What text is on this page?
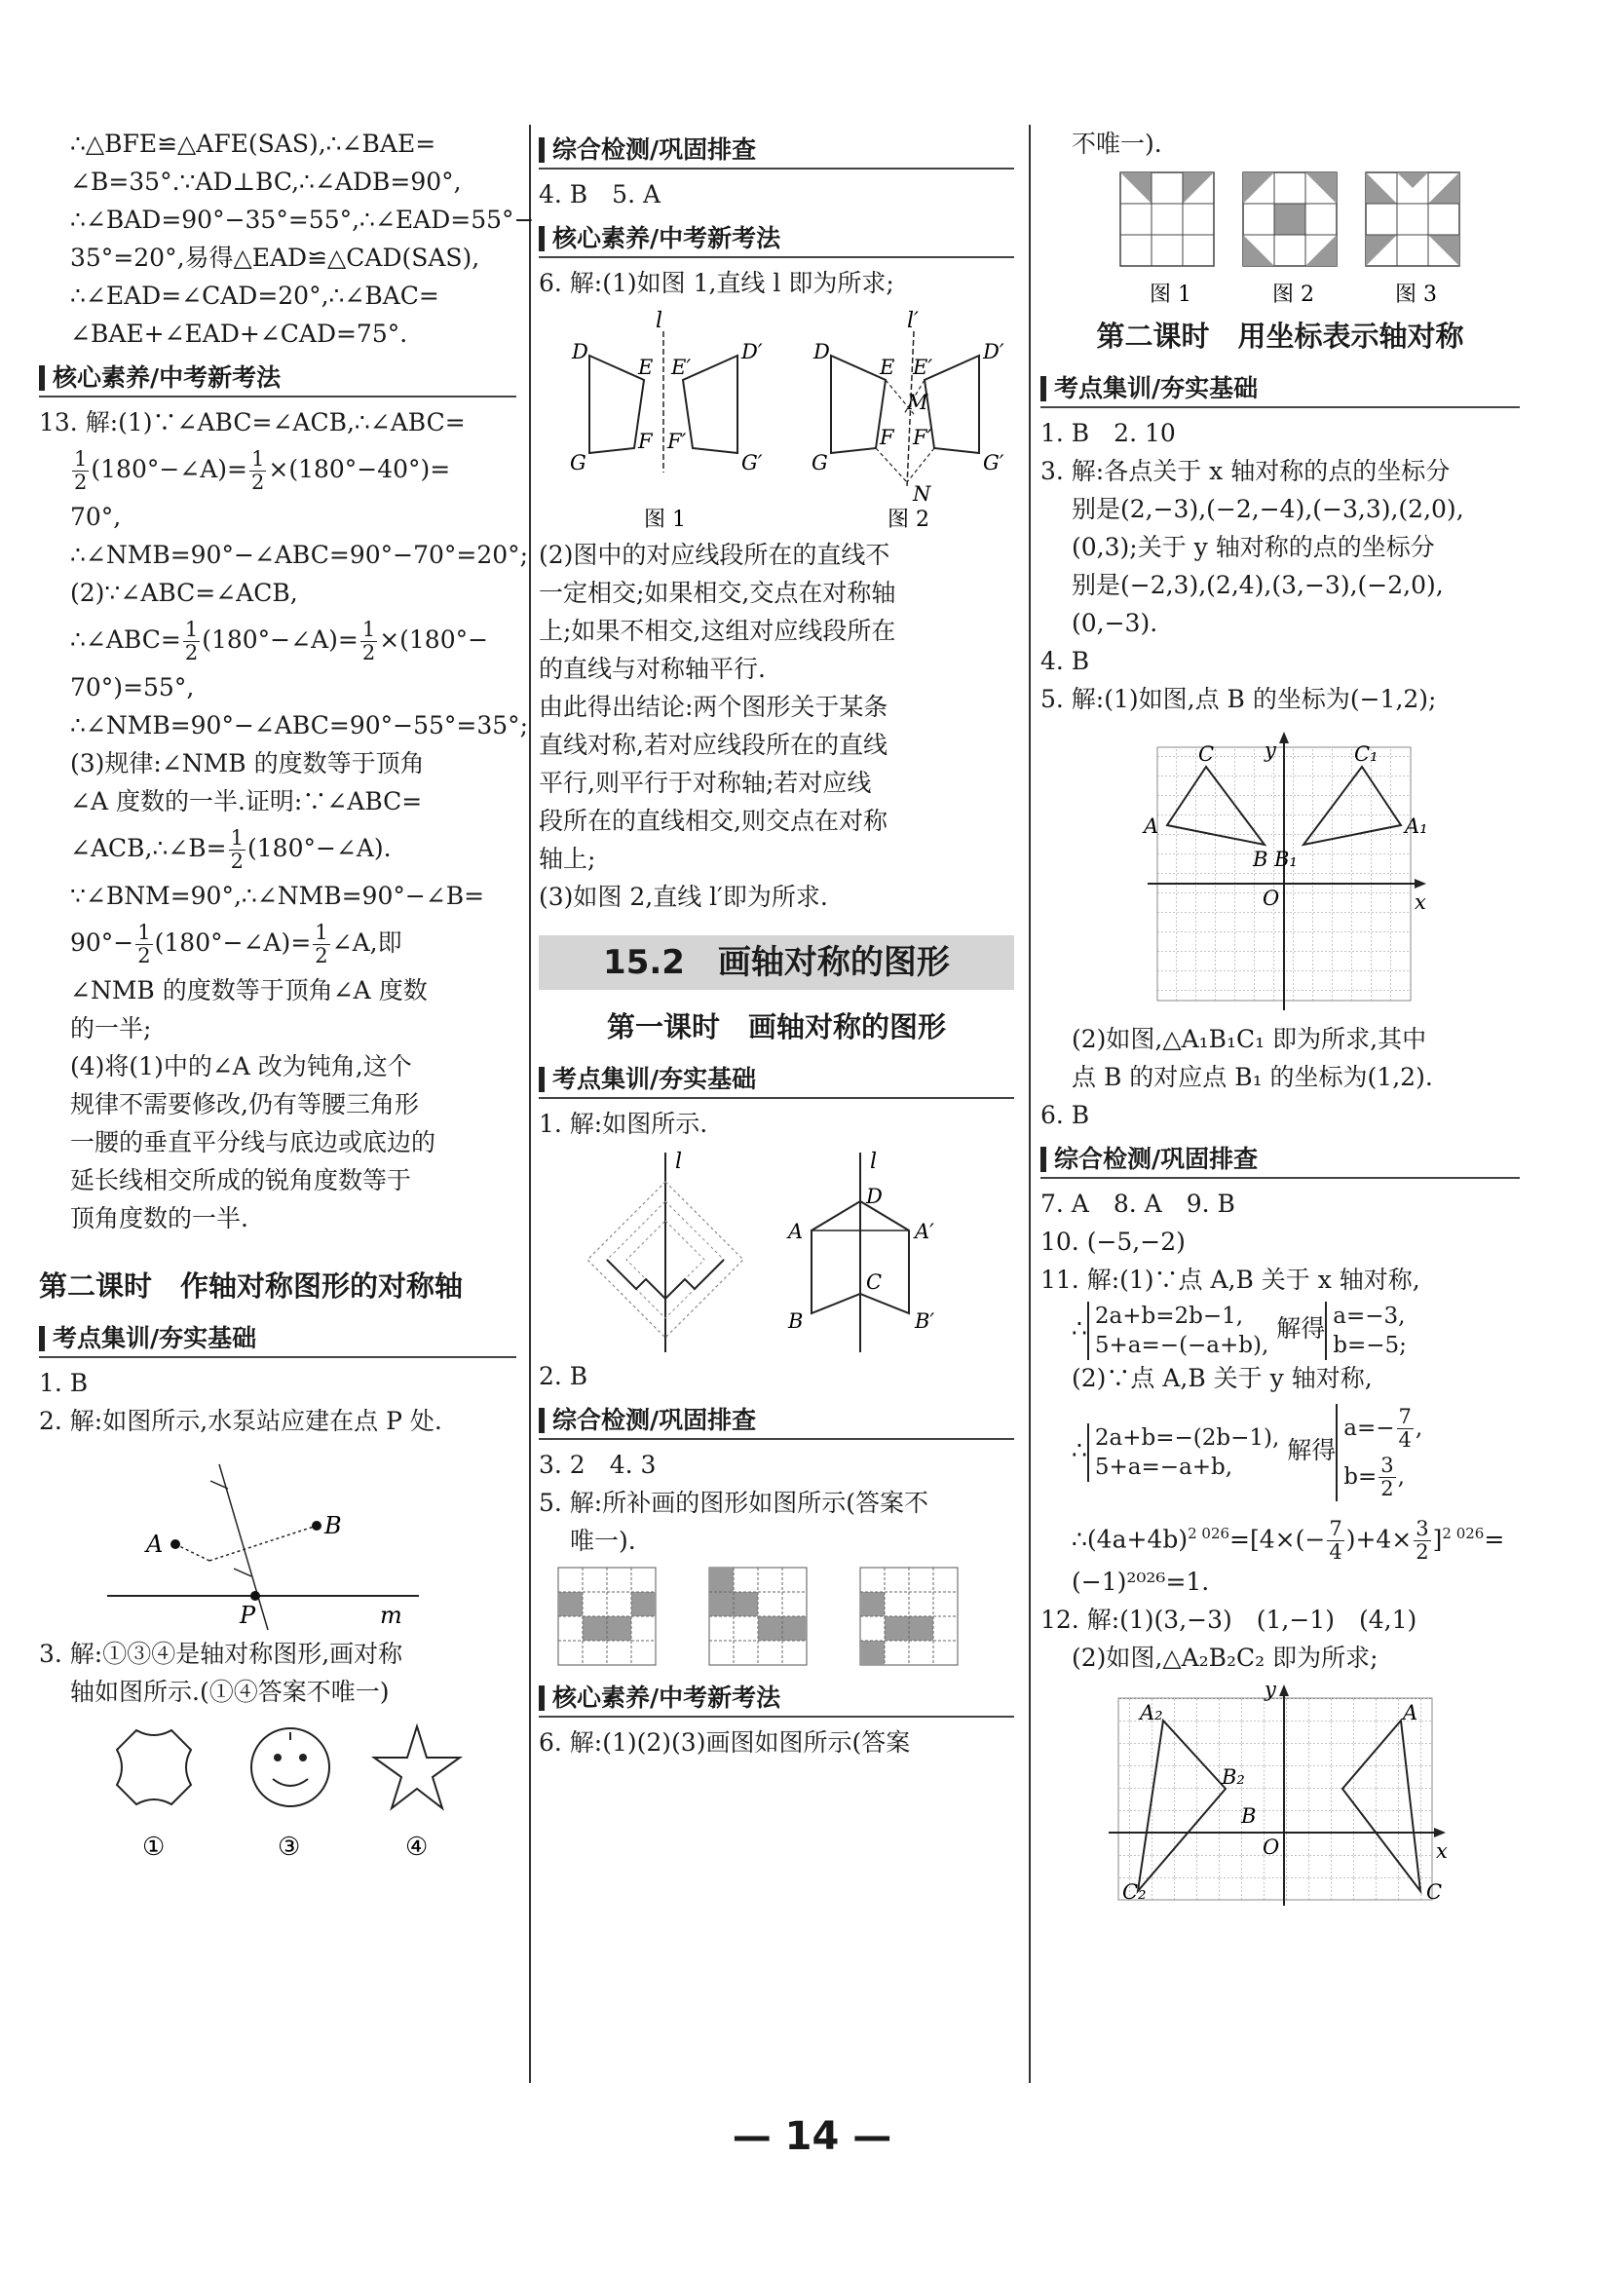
∴△BFE≌△AFE(SAS),∴∠BAE=
∠B=35°.∵AD⊥BC,∴∠ADB=90°,
∴∠BAD=90°−35°=55°,∴∠EAD=55°−
35°=20°,易得△EAD≌△CAD(SAS),
∴∠EAD=∠CAD=20°,∴∠BAC=
∠BAE+∠EAD+∠CAD=75°.
核心素养/中考新考法
13. 解:(1)∵∠ABC=∠ACB,∴∠ABC=
$\frac{1}{2}$ (180°−∠A)= $\frac{1}{2} \times(180^\circ-40^\circ)=$
70°,
∴∠NMB=90°−∠ABC=90°−70°=20°;
(2)∵∠ABC=∠ACB,
∴∠ABC= $\frac{1}{2}$ (180°−∠A)= $\frac{1}{2} \times(180^\circ-$
70°)=55°,
∴∠NMB=90°−∠ABC=90°−55°=35°;
(3)规律:∠NMB 的度数等于顶角
∠A 度数的一半.证明:∵∠ABC=
∠ACB,∴∠B= $\frac{1}{2}$ (180°−∠A).
∵∠BNM=90°,∴∠NMB=90°−∠B=
$90^\circ- \frac{1}{2}$ (180°−∠A)= $\frac{1}{2}$ ∠A,即
∠NMB 的度数等于顶角∠A 度数
的一半;
(4)将(1)中的∠A 改为钝角,这个
规律不需要修改,仍有等腰三角形
一腰的垂直平分线与底边或底边的
延长线相交所成的锐角度数等于
顶角度数的一半.
第二课时　作轴对称图形的对称轴
考点集训/夯实基础
1. B
2. 解:如图所示,水泵站应建在点 P 处.
A
B
P	m
3. 解:①③④是轴对称图形,画对称
轴如图所示.(①④答案不唯一)
①	③	④
综合检测/巩固排查
4. B　5. A
核心素养/中考新考法
6. 解:(1)如图 1,直线 l 即为所求;
l
D
E E′
D′
F F′
G	G′
图 1
l′
D
E E′
D′
M
F F′
G	G′
N
图 2
(2)图中的对应线段所在的直线不
一定相交;如果相交,交点在对称轴
上;如果不相交,这组对应线段所在
的直线与对称轴平行.
由此得出结论:两个图形关于某条
直线对称,若对应线段所在的直线
平行,则平行于对称轴;若对应线
段所在的直线相交,则交点在对称
轴上;
(3)如图 2,直线 l′即为所求.
15.2　画轴对称的图形
第一课时　画轴对称的图形
考点集训/夯实基础
1. 解:如图所示.
l	l
D
A	A′
C
B	B′
2. B
综合检测/巩固排查
3. 2　4. 3
5. 解:所补画的图形如图所示(答案不
唯一).
核心素养/中考新考法
6. 解:(1)(2)(3)画图如图所示(答案
不唯一).
图 1	图 2	图 3
第二课时　用坐标表示轴对称
考点集训/夯实基础
1. B　2. 10
3. 解:各点关于 x 轴对称的点的坐标分
别是(2,−3),(−2,−4),(−3,3),(2,0),
(0,3);关于 y 轴对称的点的坐标分
别是(−2,3),(2,4),(3,−3),(−2,0),
(0,−3).
4. B
5. 解:(1)如图,点 B 的坐标为(−1,2);
C	C₁
y
A	A₁
B B₁
O	x
(2)如图,△A₁B₁C₁ 即为所求,其中
点 B 的对应点 B₁ 的坐标为(1,2).
6. B
综合检测/巩固排查
7. A　8. A　9. B
10. (−5,−2)
11. 解:(1)∵点 A,B 关于 x 轴对称,
∴ 2a+b=2b−1,
5+a=−(−a+b),
解得 a=−3,
b=−5;
(2)∵点 A,B 关于 y 轴对称,
∴ 2a+b=−(2b−1),
5+a=−a+b,
解得
$a=- \frac{7}{4}$ ,
$b= \frac{3}{2}$ ,
$\therefore(4a+4b)^{2 026}=[4\times(- \frac{7}{4} )+4\times \frac{3}{2} ]^{2 026}=$
(−1)²⁰²⁶=1.
12. 解:(1)(3,−3)　(1,−1)　(4,1)
(2)如图,△A₂B₂C₂ 即为所求;
y
A₂	A
B₂
B
O	x
C₂	C
— 14 —
